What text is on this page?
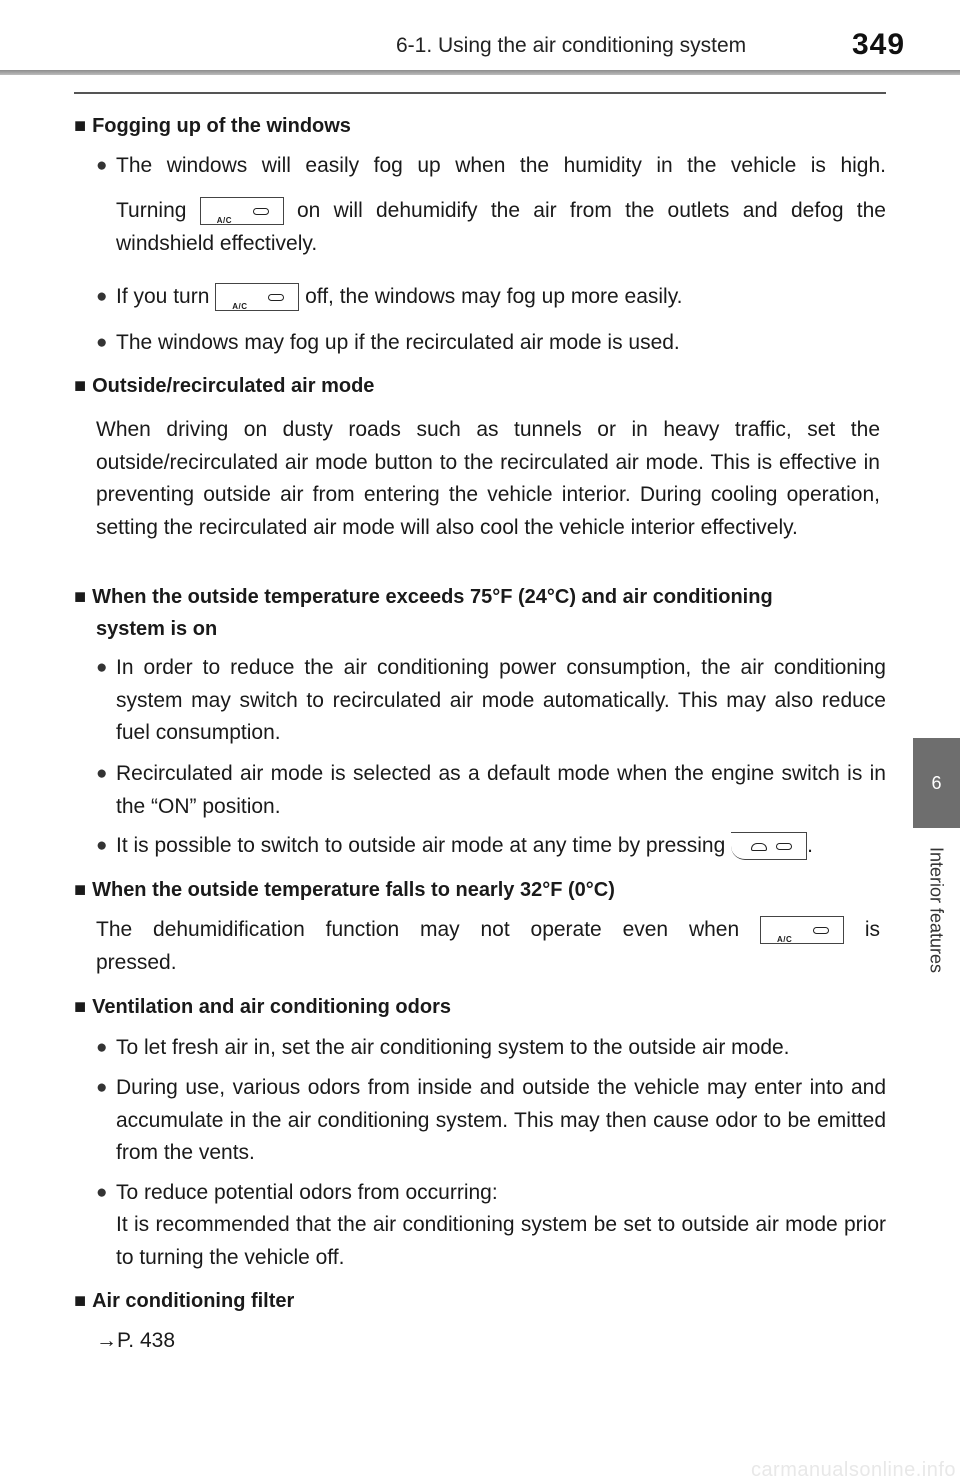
6-1. Using the air conditioning system	349
6
Interior features
■ Fogging up of the windows
● The windows will easily fog up when the humidity in the vehicle is high.
Turning	A/C	on will dehumidify the air from the outlets and defog the
windshield effectively.
● If you turn	A/C	off, the windows may fog up more easily.
● The windows may fog up if the recirculated air mode is used.
■ Outside/recirculated air mode
When driving on dusty roads such as tunnels or in heavy traffic, set the outside/recirculated air mode button to the recirculated air mode. This is effective in preventing outside air from entering the vehicle interior. During cooling operation, setting the recirculated air mode will also cool the vehicle interior effectively.
■ When the outside temperature exceeds 75°F (24°C) and air conditioning
system is on
● In order to reduce the air conditioning power consumption, the air conditioning system may switch to recirculated air mode automatically. This may also reduce fuel consumption.
● Recirculated air mode is selected as a default mode when the engine switch is in the “ON” position.
● It is possible to switch to outside air mode at any time by pressing	.
■ When the outside temperature falls to nearly 32°F (0°C)
The dehumidification function may not operate even when	A/C	is
pressed.
■ Ventilation and air conditioning odors
● To let fresh air in, set the air conditioning system to the outside air mode.
● During use, various odors from inside and outside the vehicle may enter into and accumulate in the air conditioning system. This may then cause odor to be emitted from the vents.
● To reduce potential odors from occurring:
It is recommended that the air conditioning system be set to outside air mode prior to turning the vehicle off.
■ Air conditioning filter
→P. 438
carmanualsonline.info
